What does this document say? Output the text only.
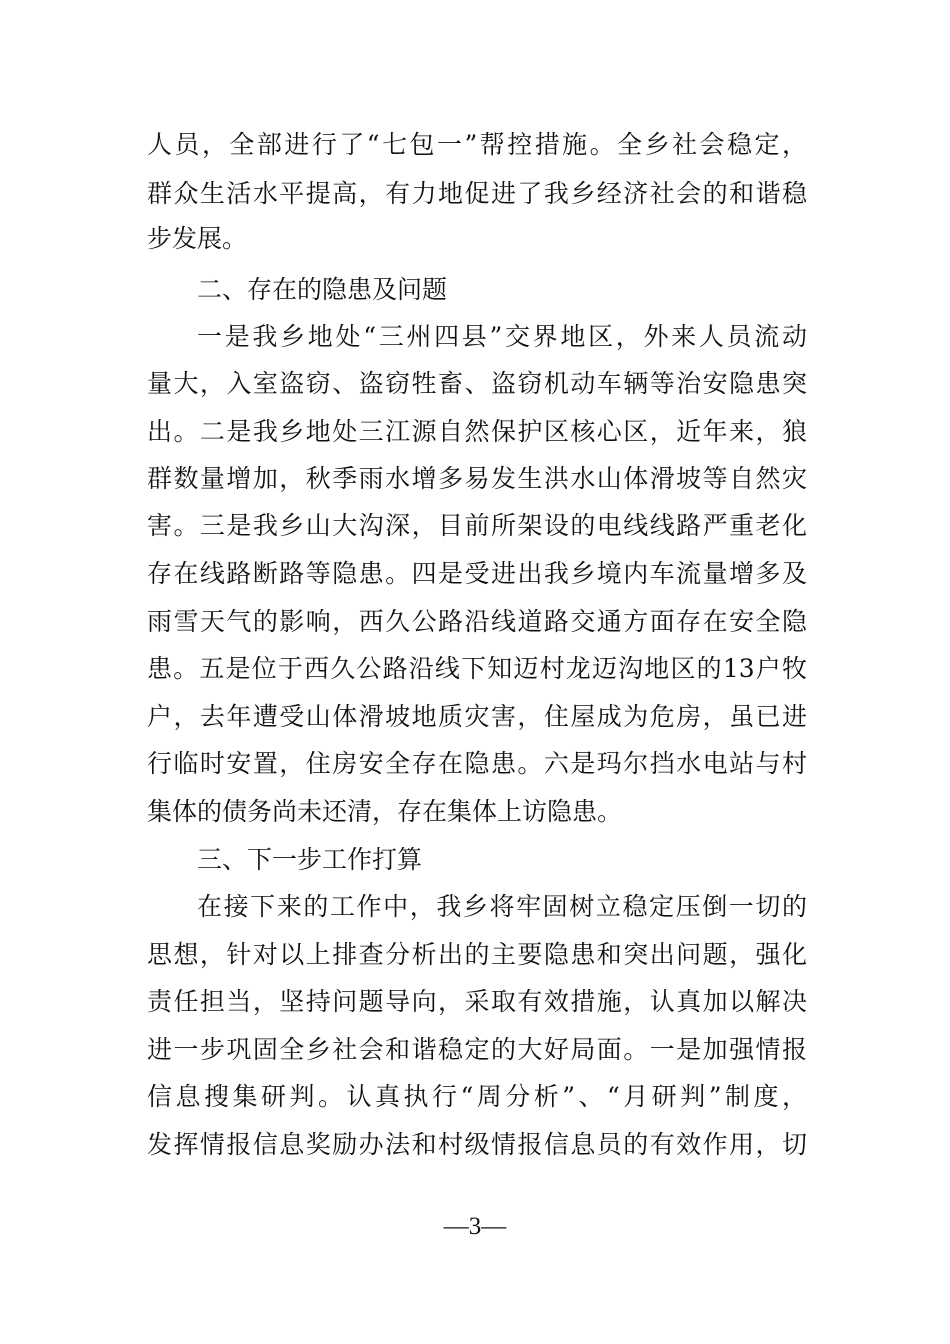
人员，全部进行了“七包一”帮控措施。全乡社会稳定，
群众生活水平提高，有力地促进了我乡经济社会的和谐稳
步发展。
二、存在的隐患及问题
一是我乡地处“三州四县”交界地区，外来人员流动
量大，入室盗窃、盗窃牲畜、盗窃机动车辆等治安隐患突
出。二是我乡地处三江源自然保护区核心区，近年来，狼
群数量增加，秋季雨水增多易发生洪水山体滑坡等自然灾
害。三是我乡山大沟深，目前所架设的电线线路严重老化
存在线路断路等隐患。四是受进出我乡境内车流量增多及
雨雪天气的影响，西久公路沿线道路交通方面存在安全隐
患。五是位于西久公路沿线下知迈村龙迈沟地区的13户牧
户，去年遭受山体滑坡地质灾害，住屋成为危房，虽已进
行临时安置，住房安全存在隐患。六是玛尔挡水电站与村
集体的债务尚未还清，存在集体上访隐患。
三、下一步工作打算
在接下来的工作中，我乡将牢固树立稳定压倒一切的
思想，针对以上排查分析出的主要隐患和突出问题，强化
责任担当，坚持问题导向，采取有效措施，认真加以解决
进一步巩固全乡社会和谐稳定的大好局面。一是加强情报
信息搜集研判。认真执行“周分析”、“月研判”制度，
发挥情报信息奖励办法和村级情报信息员的有效作用，切
—3—
